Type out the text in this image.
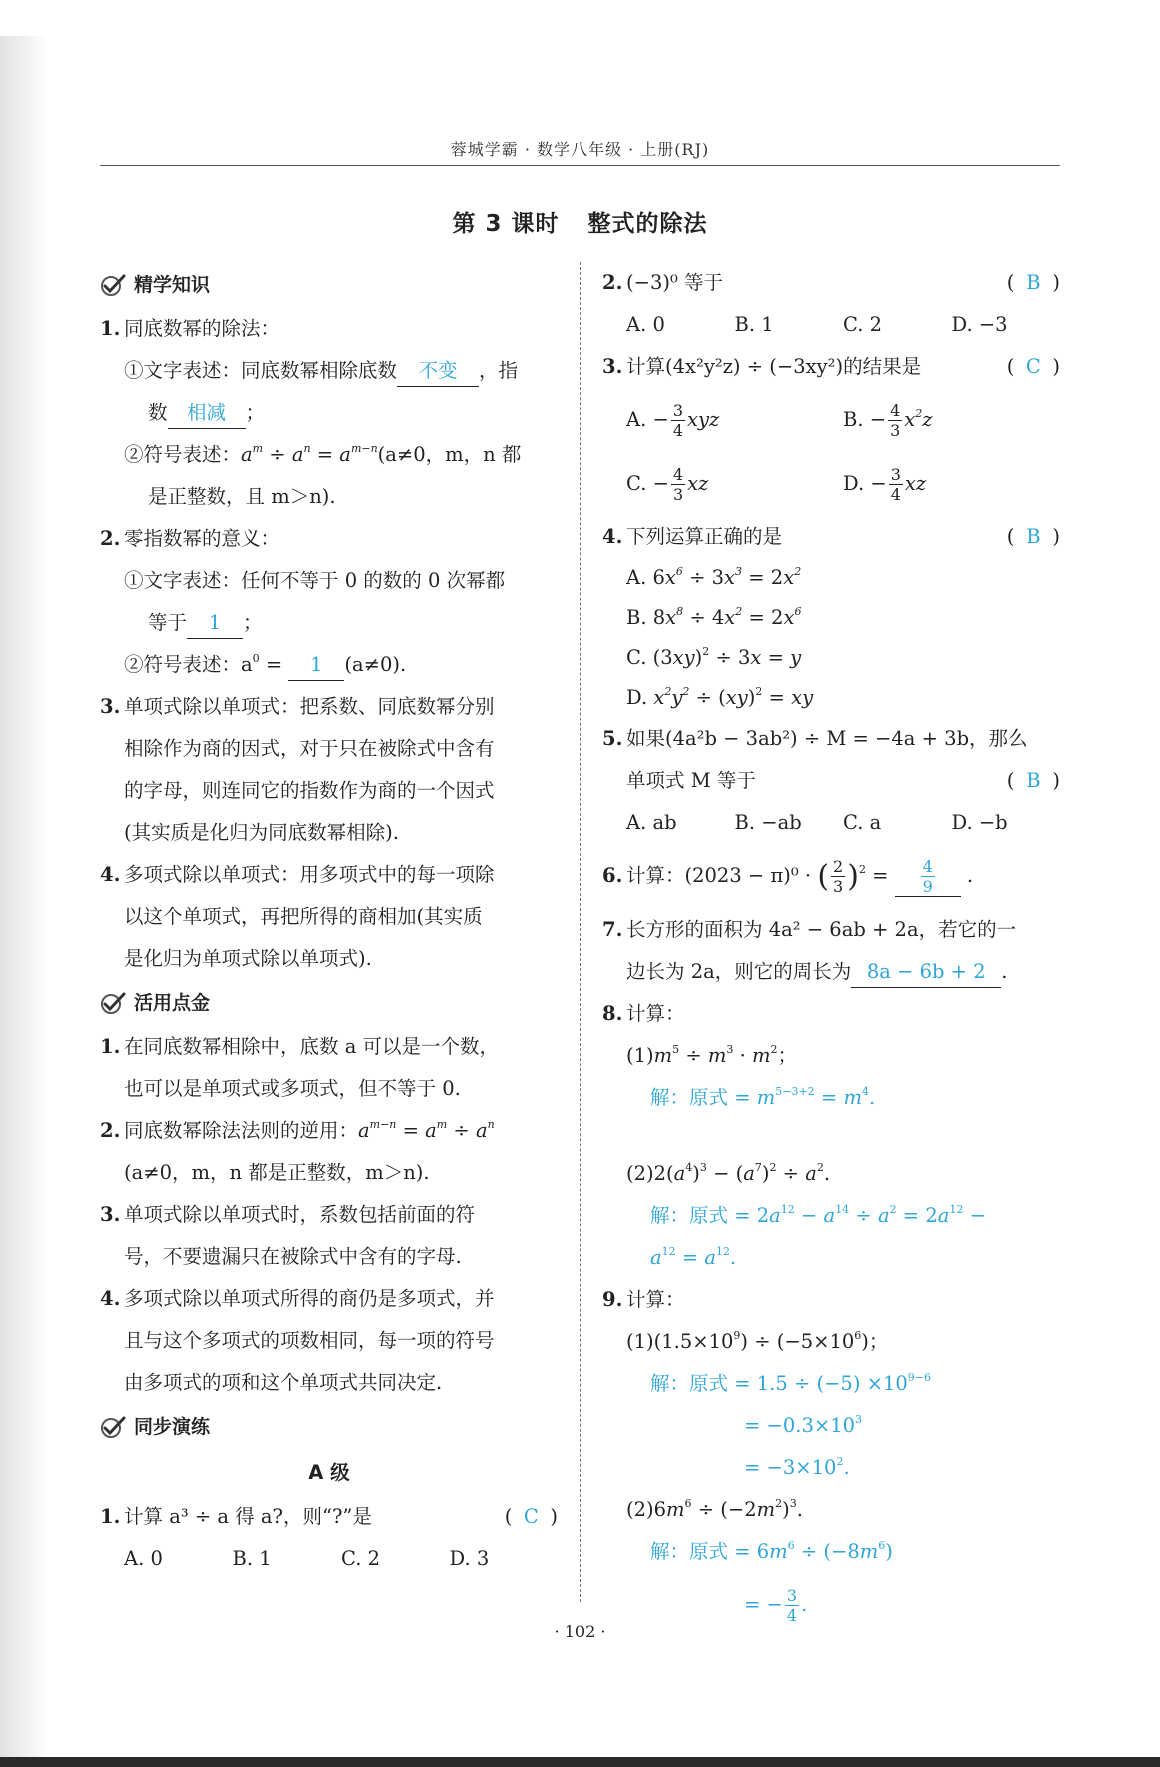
蓉城学霸 · 数学八年级 · 上册(RJ)
第 3 课时 整式的除法
精学知识
1. 同底数幂的除法：
①文字表述：同底数幂相除底数 不变 ，指
数 相减 ；
②符号表述：$a^m \div a^n = a^{m-n}(a\ne 0$，m，n 都
是正整数，且 m＞n).
2. 零指数幂的意义：
①文字表述：任何不等于 0 的数的 0 次幂都
等于 1 ；
②符号表述：$a^0 = 1$ (a≠0).
3. 单项式除以单项式：把系数、同底数幂分别
相除作为商的因式，对于只在被除式中含有
的字母，则连同它的指数作为商的一个因式
(其实质是化归为同底数幂相除).
4. 多项式除以单项式：用多项式中的每一项除
以这个单项式，再把所得的商相加(其实质
是化归为单项式除以单项式).
活用点金
1. 在同底数幂相除中，底数 a 可以是一个数，
也可以是单项式或多项式，但不等于 0.
2. 同底数幂除法法则的逆用：$a^{m-n} = a^m \div a^n$
(a≠0，m，n 都是正整数，m＞n).
3. 单项式除以单项式时，系数包括前面的符
号，不要遗漏只在被除式中含有的字母.
4. 多项式除以单项式所得的商仍是多项式，并
且与这个多项式的项数相同，每一项的符号
由多项式的项和这个单项式共同决定.
同步演练
A 级
1. 计算 a³ ÷ a 得 a?，则“?”是	( C )
A. 0	B. 1	C. 2	D. 3
2. (−3)⁰ 等于	( B )
A. 0	B. 1	C. 2	D. −3
3. 计算(4x²y²z) ÷ (−3xy²)的结果是	( C )
A. − $\frac{3}{4}$ xyz	B. − $\frac{4}{3} x^2z$
C. − $\frac{4}{3}$ xz	D. − $\frac{3}{4}$ xz
4. 下列运算正确的是	( B )
A. $6x^6 \div 3x^3 = 2x^2$
B. $8x^8 \div 4x^2 = 2x^6$
C. $(3xy)^2 \div 3x = y$
D. $x^2y^2 \div (xy)^2$ = xy
5. 如果(4a²b − 3ab²) ÷ M = −4a + 3b，那么
单项式 M 等于	( B )
A. ab	B. −ab	C. a	D. −b
6. 计算：(2023 − π)⁰ · ( $\frac{2}{3} )^2 = \frac{4}{9}$ .
7. 长方形的面积为 4a² − 6ab + 2a，若它的一
边长为 2a，则它的周长为 8a − 6b + 2 .
8. 计算：
$(1)m^5 \div m^3 \cdot m^2$；
解：原式 = $m^{5-3+2} = m^4$.
$(2)2(a^4)^3 - (a^7)^2 \div a^2$.
解：原式 = $2a^{12} - a^{14} \div a^2 = 2a^{12}$ −
$a^{12} = a^{12}$.
9. 计算：
$(1)(1.5\times 10^9) \div (-5\times 10^6)$；
解：原式 = $1.5 \div (-5) \times 10^{9-6}$
= $-0.3\times 10^3$
= $-3\times 10^2$.
$(2)6m^6 \div (-2m^2)^3$.
解：原式 = $6m^6 \div (-8m^6)$
= − $\frac{3}{4}$ .
· 102 ·
